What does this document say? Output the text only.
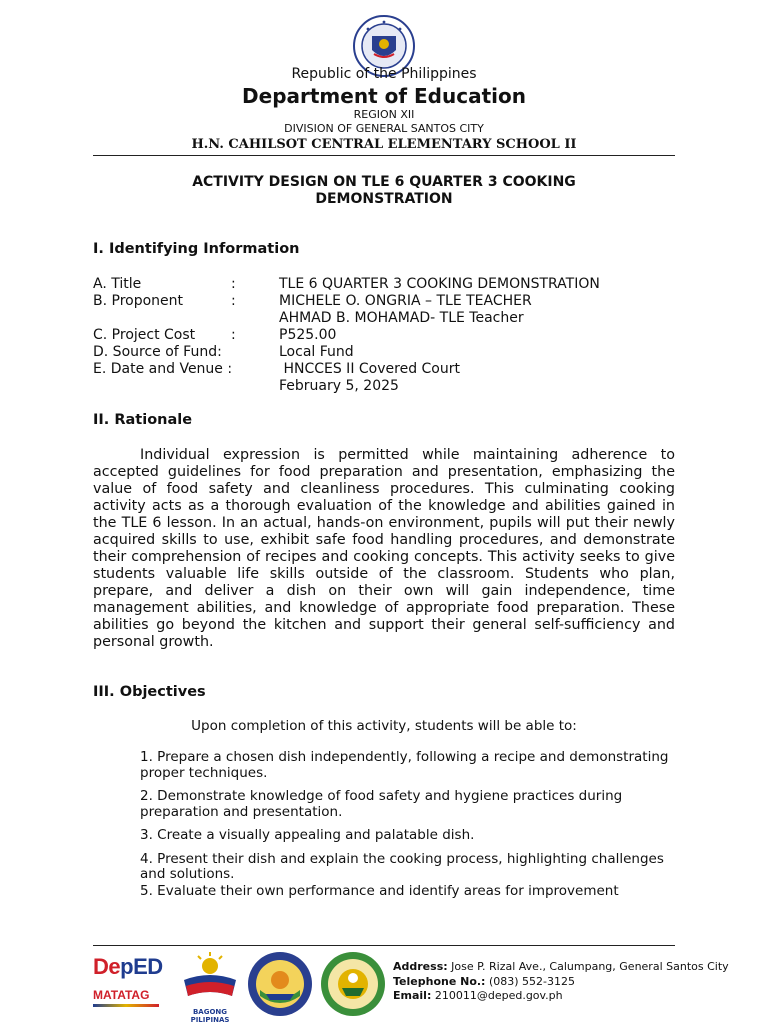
Republic of the Philippines
Department of Education
REGION XII
DIVISION OF GENERAL SANTOS CITY
H.N. CAHILSOT CENTRAL ELEMENTARY SCHOOL II
ACTIVITY DESIGN ON TLE 6 QUARTER 3 COOKING
DEMONSTRATION
I. Identifying Information
A. Title	:	TLE 6 QUARTER 3 COOKING DEMONSTRATION
B. Proponent	:	MICHELE O. ONGRIA – TLE TEACHER
AHMAD B. MOHAMAD- TLE Teacher
C. Project Cost	:	P525.00
D. Source of Fund:	Local Fund
E. Date and Venue :	HNCCES II Covered Court
February 5, 2025
II. Rationale
Individual expression is permitted while maintaining adherence to accepted guidelines for food preparation and presentation, emphasizing the value of food safety and cleanliness procedures. This culminating cooking activity acts as a thorough evaluation of the knowledge and abilities gained in the TLE 6 lesson. In an actual, hands-on environment, pupils will put their newly acquired skills to use, exhibit safe food handling procedures, and demonstrate their comprehension of recipes and cooking concepts. This activity seeks to give students valuable life skills outside of the classroom. Students who plan, prepare, and deliver a dish on their own will gain independence, time management abilities, and knowledge of appropriate food preparation. These abilities go beyond the kitchen and support their general self-sufficiency and personal growth.
III. Objectives
Upon completion of this activity, students will be able to:
1. Prepare a chosen dish independently, following a recipe and demonstrating proper techniques.
2. Demonstrate knowledge of food safety and hygiene practices during preparation and presentation.
3. Create a visually appealing and palatable dish.
4. Present their dish and explain the cooking process, highlighting challenges and solutions.
5. Evaluate their own performance and identify areas for improvement
DepED
MATATAG
BAGONG PILIPINAS
Address: Jose P. Rizal Ave., Calumpang, General Santos City
Telephone No.: (083) 552-3125
Email: 210011@deped.gov.ph
